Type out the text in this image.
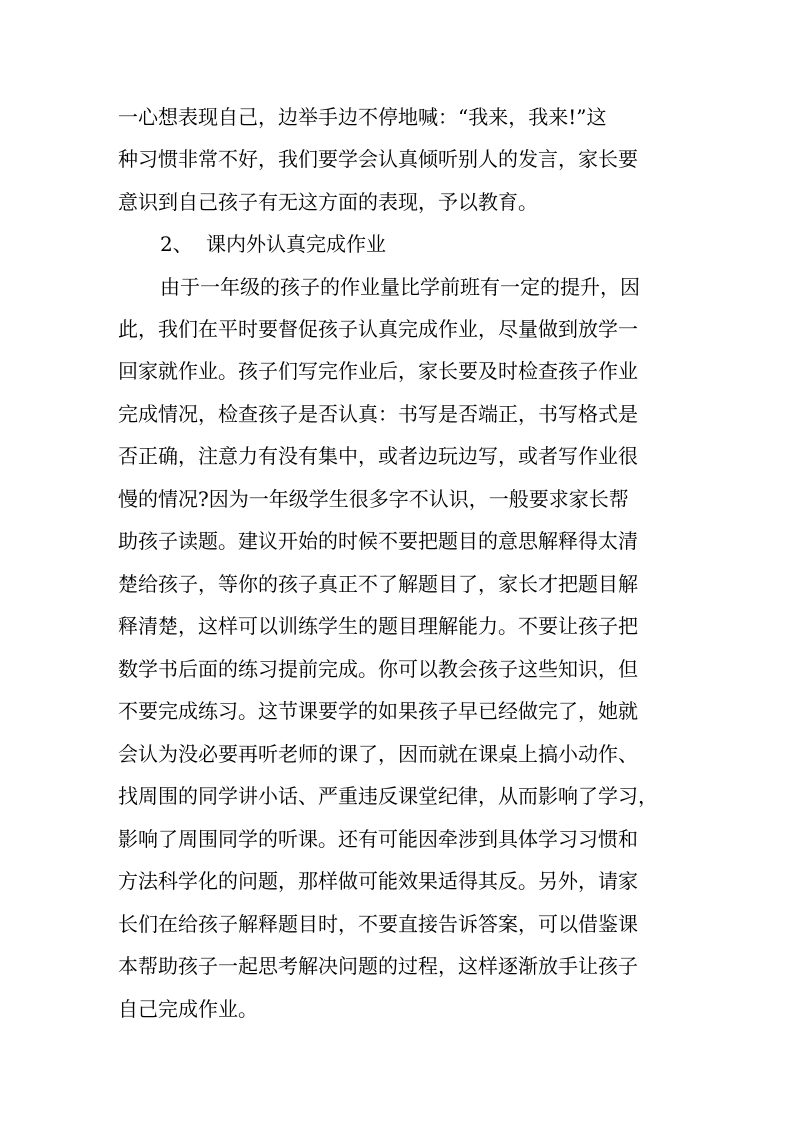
一心想表现自己，边举手边不停地喊：“我来，我来!”这
种习惯非常不好，我们要学会认真倾听别人的发言，家长要
意识到自己孩子有无这方面的表现，予以教育。
2、 课内外认真完成作业
由于一年级的孩子的作业量比学前班有一定的提升，因
此，我们在平时要督促孩子认真完成作业，尽量做到放学一
回家就作业。孩子们写完作业后，家长要及时检查孩子作业
完成情况，检查孩子是否认真：书写是否端正，书写格式是
否正确，注意力有没有集中，或者边玩边写，或者写作业很
慢的情况?因为一年级学生很多字不认识，一般要求家长帮
助孩子读题。建议开始的时候不要把题目的意思解释得太清
楚给孩子，等你的孩子真正不了解题目了，家长才把题目解
释清楚，这样可以训练学生的题目理解能力。不要让孩子把
数学书后面的练习提前完成。你可以教会孩子这些知识，但
不要完成练习。这节课要学的如果孩子早已经做完了，她就
会认为没必要再听老师的课了，因而就在课桌上搞小动作、
找周围的同学讲小话、严重违反课堂纪律，从而影响了学习，
影响了周围同学的听课。还有可能因牵涉到具体学习习惯和
方法科学化的问题，那样做可能效果适得其反。另外，请家
长们在给孩子解释题目时，不要直接告诉答案，可以借鉴课
本帮助孩子一起思考解决问题的过程，这样逐渐放手让孩子
自己完成作业。
